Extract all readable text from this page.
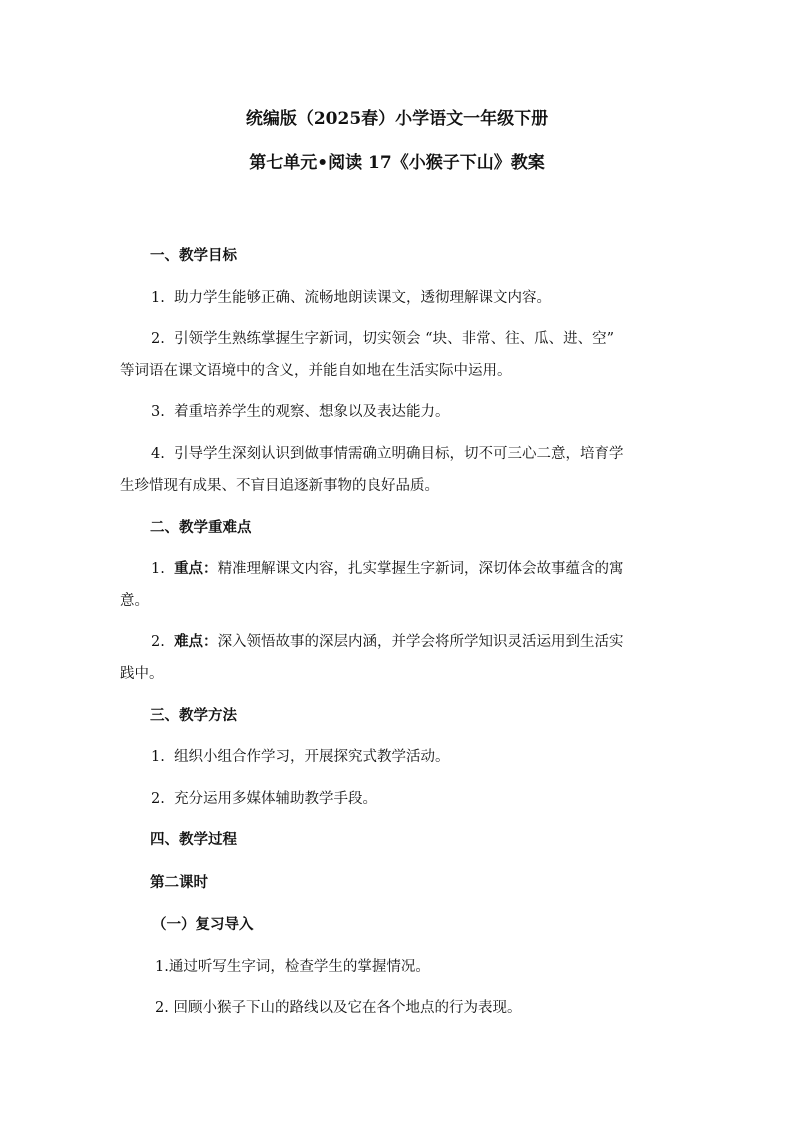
统编版（2025春）小学语文一年级下册
第七单元•阅读 17《小猴子下山》教案
一、教学目标
1. 助力学生能够正确、流畅地朗读课文，透彻理解课文内容。
2. 引领学生熟练掌握生字新词，切实领会 “块、非常、往、瓜、进、空”
等词语在课文语境中的含义，并能自如地在生活实际中运用。
3. 着重培养学生的观察、想象以及表达能力。
4. 引导学生深刻认识到做事情需确立明确目标，切不可三心二意，培育学
生珍惜现有成果、不盲目追逐新事物的良好品质。
二、教学重难点
1. 重点：精准理解课文内容，扎实掌握生字新词，深切体会故事蕴含的寓
意。
2. 难点：深入领悟故事的深层内涵，并学会将所学知识灵活运用到生活实
践中。
三、教学方法
1. 组织小组合作学习，开展探究式教学活动。
2. 充分运用多媒体辅助教学手段。
四、教学过程
第二课时
（一）复习导入
1.通过听写生字词，检查学生的掌握情况。
2. 回顾小猴子下山的路线以及它在各个地点的行为表现。
